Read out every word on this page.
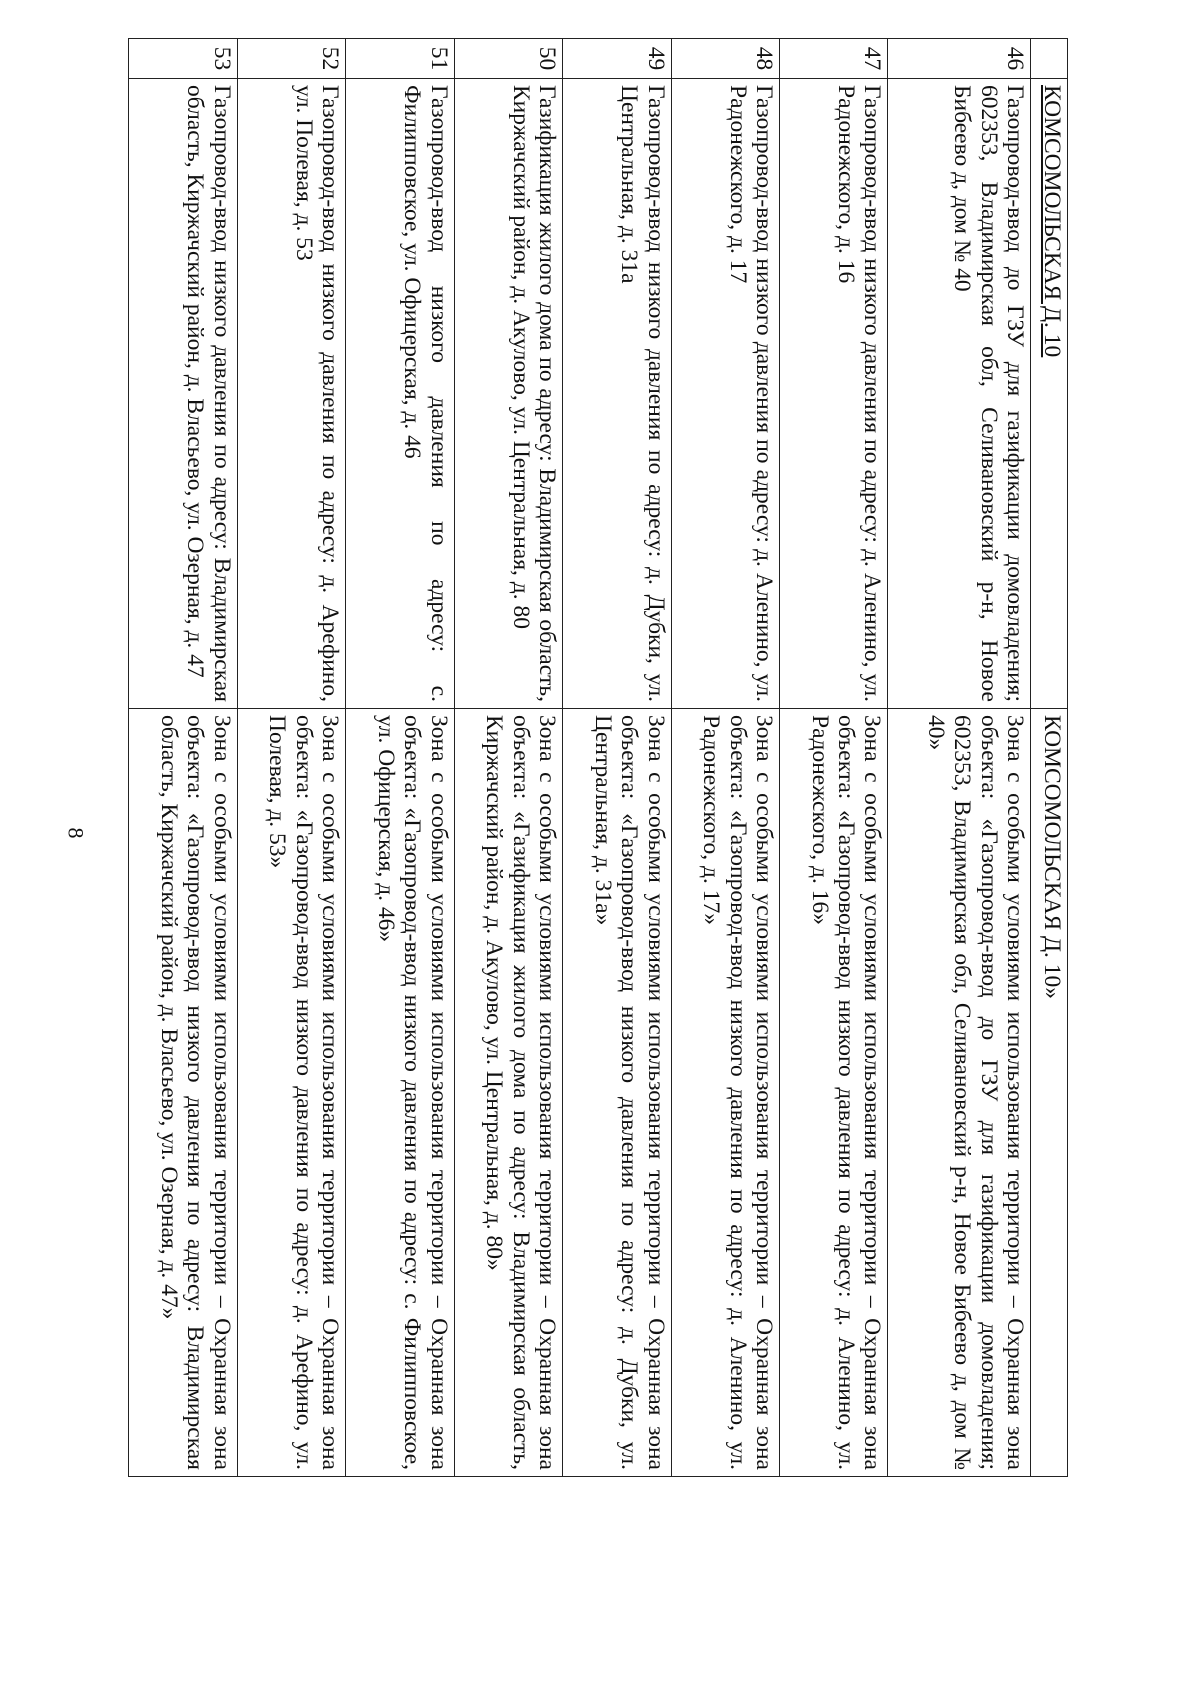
8
	КОМСОМОЛЬСКАЯ Д. 10	КОМСОМОЛЬСКАЯ Д. 10»
46	Газопровод-ввод до ГЗУ для газификации домовладения; 602353, Владимирская обл, Селивановский р-н, Новое Бибеево д, дом № 40	Зона с особыми условиями использования территории – Охранная зона объекта: «Газопровод-ввод до ГЗУ для газификации домовладения; 602353, Владимирская обл, Селивановский р-н, Новое Бибеево д, дом № 40»
47	Газопровод-ввод низкого давления по адресу: д. Аленино, ул. Радонежского, д. 16	Зона с особыми условиями использования территории – Охранная зона объекта: «Газопровод-ввод низкого давления по адресу: д. Аленино, ул. Радонежского, д. 16»
48	Газопровод-ввод низкого давления по адресу: д. Аленино, ул. Радонежского, д. 17	Зона с особыми условиями использования территории – Охранная зона объекта: «Газопровод-ввод низкого давления по адресу: д. Аленино, ул. Радонежского, д. 17»
49	Газопровод-ввод низкого давления по адресу: д. Дубки, ул. Центральная, д. 31а	Зона с особыми условиями использования территории – Охранная зона объекта: «Газопровод-ввод низкого давления по адресу: д. Дубки, ул. Центральная, д. 31а»
50	Газификация жилого дома по адресу: Владимирская область, Киржачский район, д. Акулово, ул. Центральная, д. 80	Зона с особыми условиями использования территории – Охранная зона объекта: «Газификация жилого дома по адресу: Владимирская область, Киржачский район, д. Акулово, ул. Центральная, д. 80»
51	Газопровод-ввод низкого давления по адресу: с. Филипповское, ул. Офицерская, д. 46	Зона с особыми условиями использования территории – Охранная зона объекта: «Газопровод-ввод низкого давления по адресу: с. Филипповское, ул. Офицерская, д. 46»
52	Газопровод-ввод низкого давления по адресу: д. Арефино, ул. Полевая, д. 53	Зона с особыми условиями использования территории – Охранная зона объекта: «Газопровод-ввод низкого давления по адресу: д. Арефино, ул. Полевая, д. 53»
53	Газопровод-ввод низкого давления по адресу: Владимирская область, Киржачский район, д. Власьево, ул. Озерная, д. 47	Зона с особыми условиями использования территории – Охранная зона объекта: «Газопровод-ввод низкого давления по адресу: Владимирская область, Киржачский район, д. Власьево, ул. Озерная, д. 47»
